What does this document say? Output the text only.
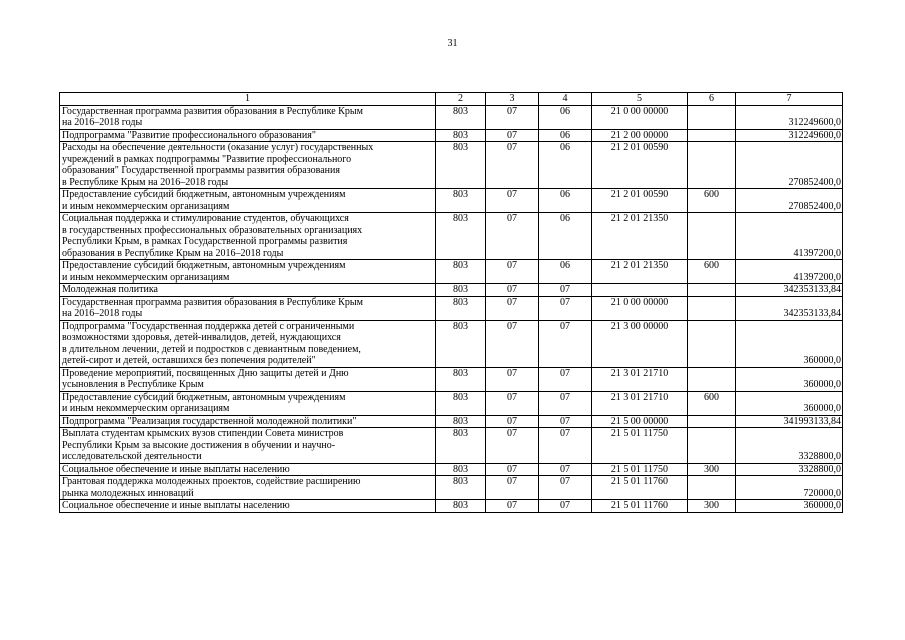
31
1	2	3	4	5	6	7
Государственная программа развития образования в Республике Крым
на 2016–2018 годы	803	07	06	21 0 00 00000		312249600,0
Подпрограмма "Развитие профессионального образования"	803	07	06	21 2 00 00000		312249600,0
Расходы на обеспечение деятельности (оказание услуг) государственных
учреждений в рамках подпрограммы "Развитие профессионального
образования" Государственной программы развития образования
в Республике Крым на 2016–2018 годы	803	07	06	21 2 01 00590		270852400,0
Предоставление субсидий бюджетным, автономным учреждениям
и иным некоммерческим организациям	803	07	06	21 2 01 00590	600	270852400,0
Социальная поддержка и стимулирование студентов, обучающихся
в государственных профессиональных образовательных организациях
Республики Крым, в рамках Государственной программы развития
образования в Республике Крым на 2016–2018 годы	803	07	06	21 2 01 21350		41397200,0
Предоставление субсидий бюджетным, автономным учреждениям
и иным некоммерческим организациям	803	07	06	21 2 01 21350	600	41397200,0
Молодежная политика	803	07	07			342353133,84
Государственная программа развития образования в Республике Крым
на 2016–2018 годы	803	07	07	21 0 00 00000		342353133,84
Подпрограмма "Государственная поддержка детей с ограниченными
возможностями здоровья, детей-инвалидов, детей, нуждающихся
в длительном лечении, детей и подростков с девиантным поведением,
детей-сирот и детей, оставшихся без попечения родителей"	803	07	07	21 3 00 00000		360000,0
Проведение мероприятий, посвященных Дню защиты детей и Дню
усыновления в Республике Крым	803	07	07	21 3 01 21710		360000,0
Предоставление субсидий бюджетным, автономным учреждениям
и иным некоммерческим организациям	803	07	07	21 3 01 21710	600	360000,0
Подпрограмма "Реализация государственной молодежной политики"	803	07	07	21 5 00 00000		341993133,84
Выплата студентам крымских вузов стипендии Совета министров
Республики Крым за высокие достижения в обучении и научно-
исследовательской деятельности	803	07	07	21 5 01 11750		3328800,0
Социальное обеспечение и иные выплаты населению	803	07	07	21 5 01 11750	300	3328800,0
Грантовая поддержка молодежных проектов, содействие расширению
рынка молодежных инноваций	803	07	07	21 5 01 11760		720000,0
Социальное обеспечение и иные выплаты населению	803	07	07	21 5 01 11760	300	360000,0
